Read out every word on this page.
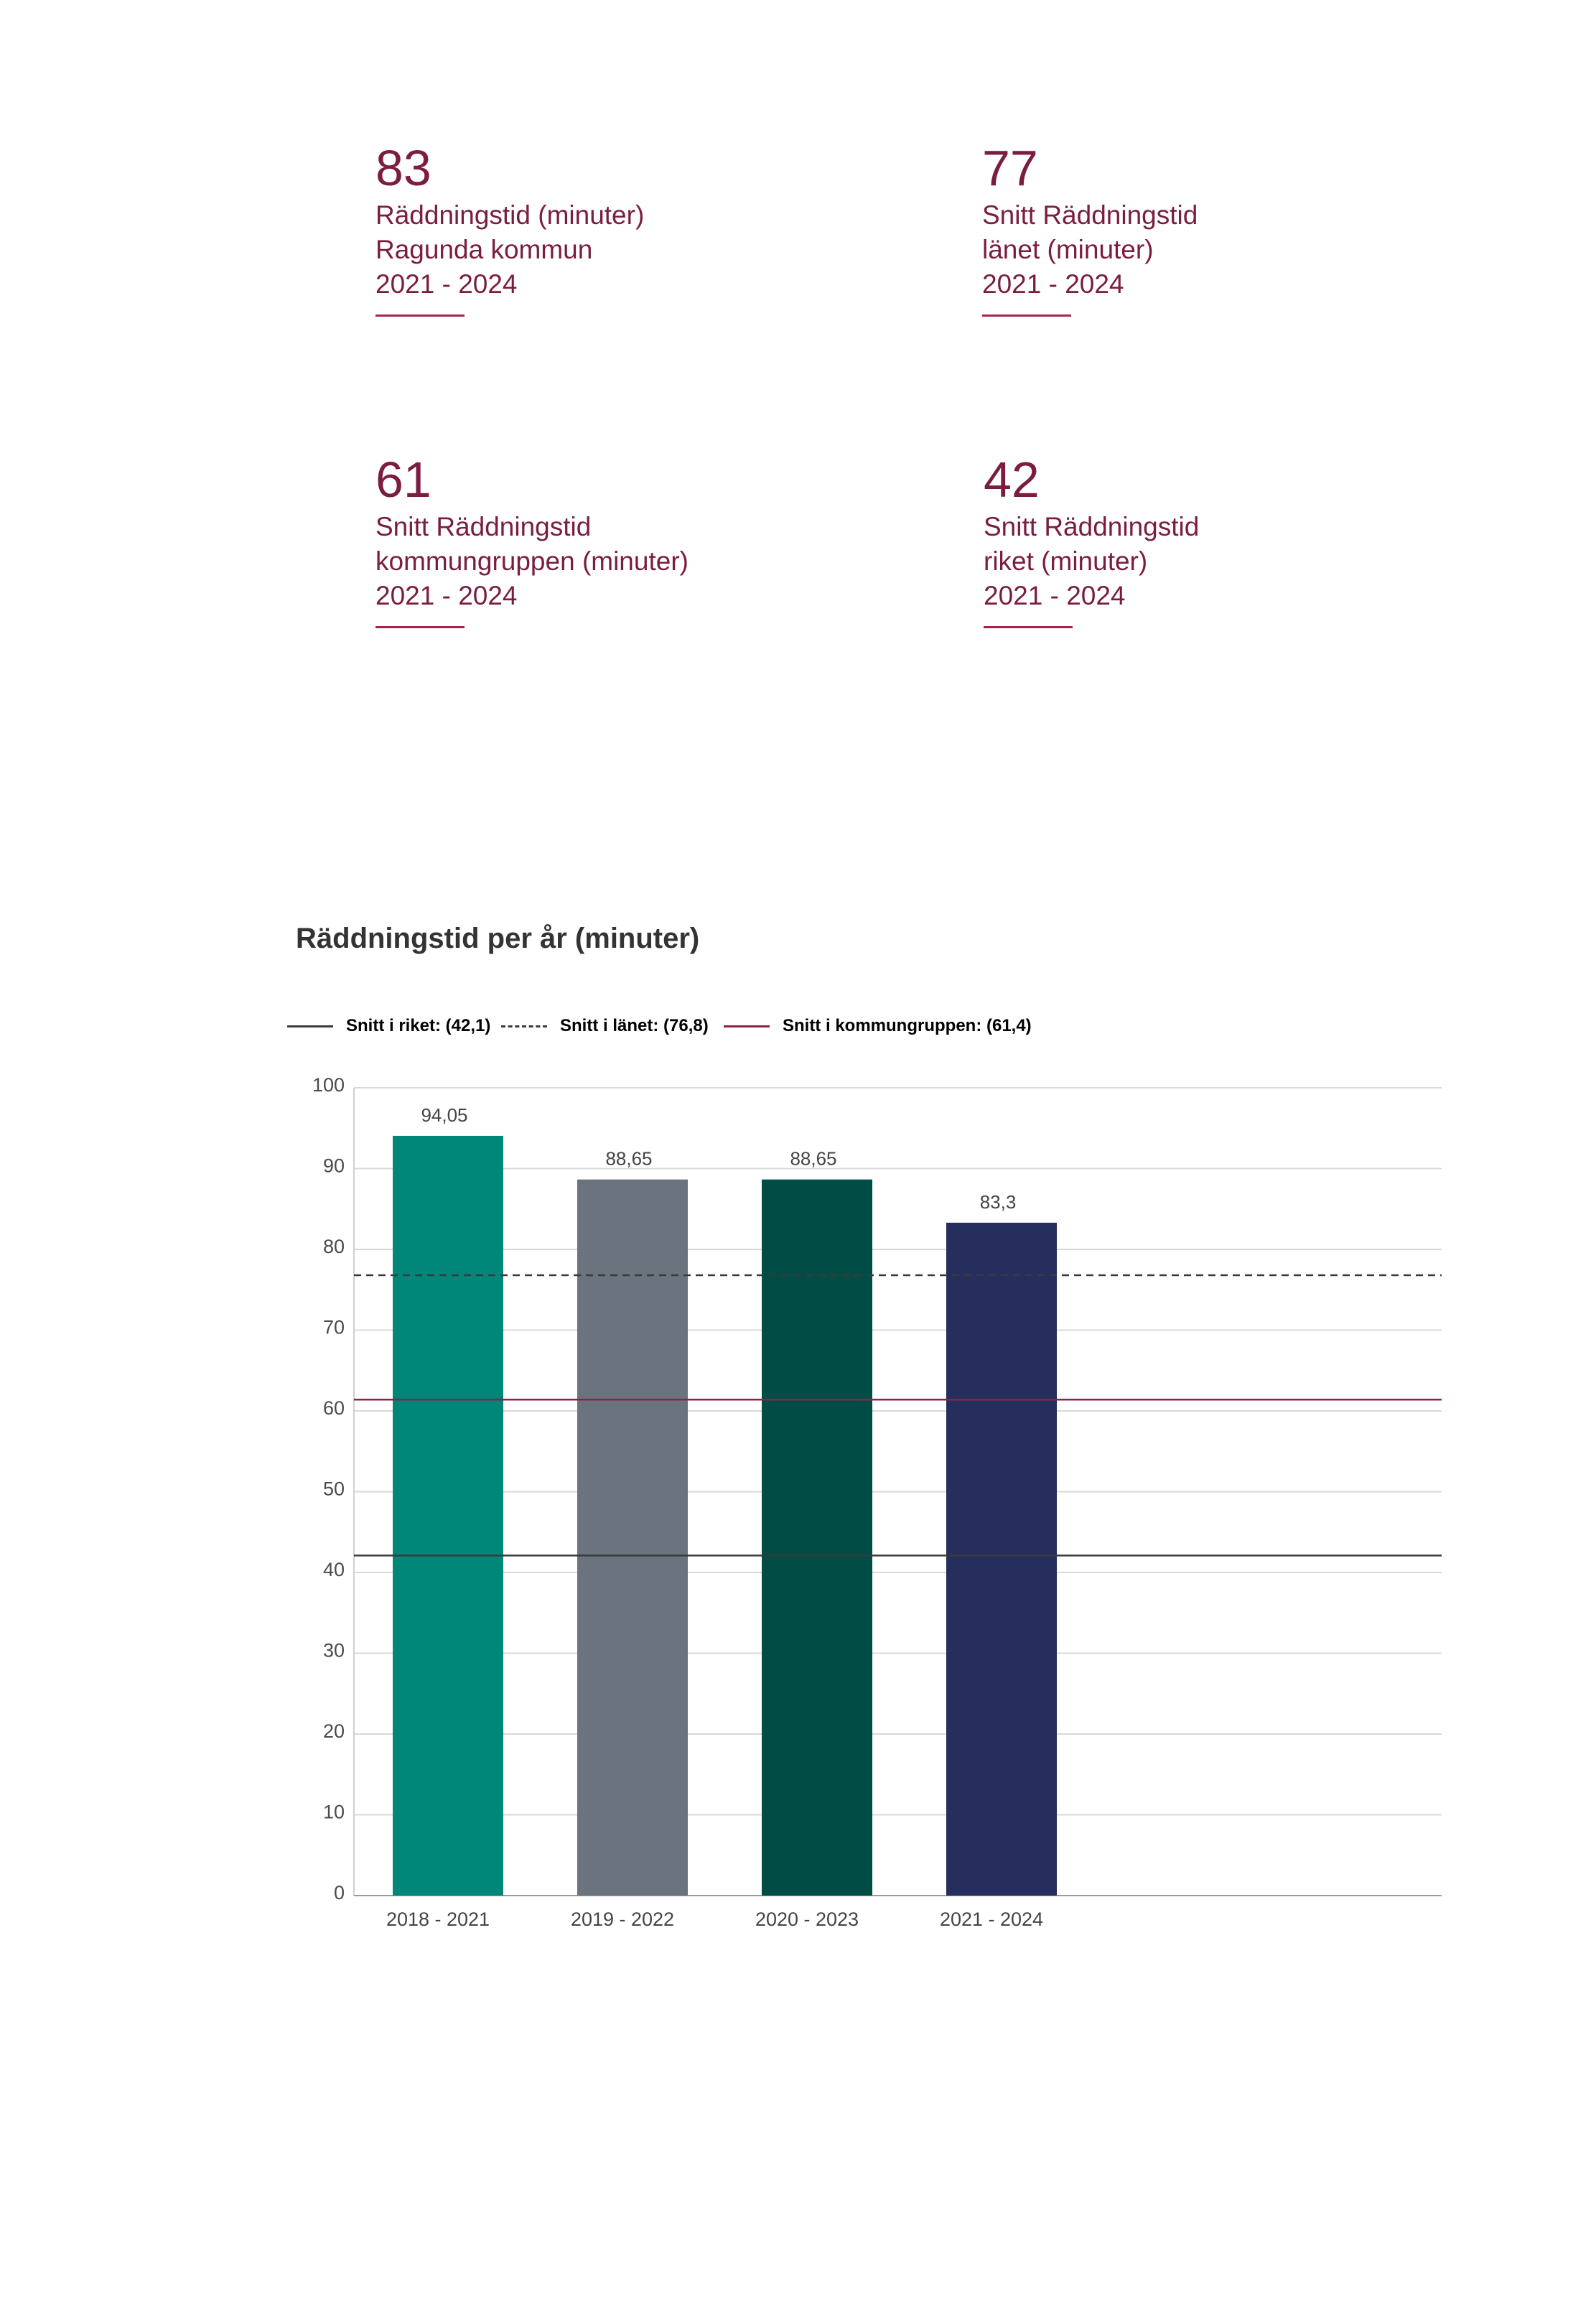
83
Räddningstid (minuter)
Ragunda kommun
2021 - 2024
77
Snitt Räddningstid
länet (minuter)
2021 - 2024
61
Snitt Räddningstid
kommungruppen (minuter)
2021 - 2024
42
Snitt Räddningstid
riket (minuter)
2021 - 2024
Räddningstid per år (minuter)
Snitt i riket: (42,1)	Snitt i länet: (76,8)	Snitt i kommungruppen: (61,4)
0
10
20
30
40
50
60
70
80
90
100
94,05
2018 - 2021
88,65
2019 - 2022
88,65
2020 - 2023
83,3
2021 - 2024
